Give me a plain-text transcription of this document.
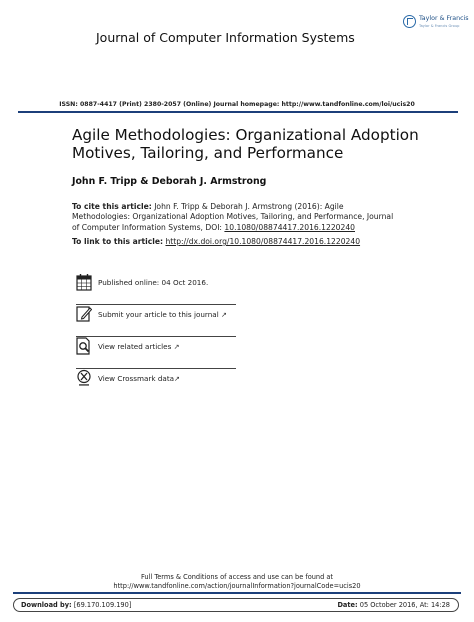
Journal of Computer Information Systems
Taylor & Francis
Taylor & Francis Group
ISSN: 0887-4417 (Print) 2380-2057 (Online) Journal homepage: http://www.tandfonline.com/loi/ucis20
Agile Methodologies: Organizational Adoption Motives, Tailoring, and Performance
John F. Tripp & Deborah J. Armstrong
To cite this article: John F. Tripp & Deborah J. Armstrong (2016): Agile Methodologies: Organizational Adoption Motives, Tailoring, and Performance, Journal of Computer Information Systems, DOI: 10.1080/08874417.2016.1220240
To link to this article: http://dx.doi.org/10.1080/08874417.2016.1220240
Published online: 04 Oct 2016.
Submit your article to this journal ↗
View related articles ↗
View Crossmark data↗
Full Terms & Conditions of access and use can be found at
http://www.tandfonline.com/action/journalInformation?journalCode=ucis20
Download by: [69.170.109.190]	Date: 05 October 2016, At: 14:28
